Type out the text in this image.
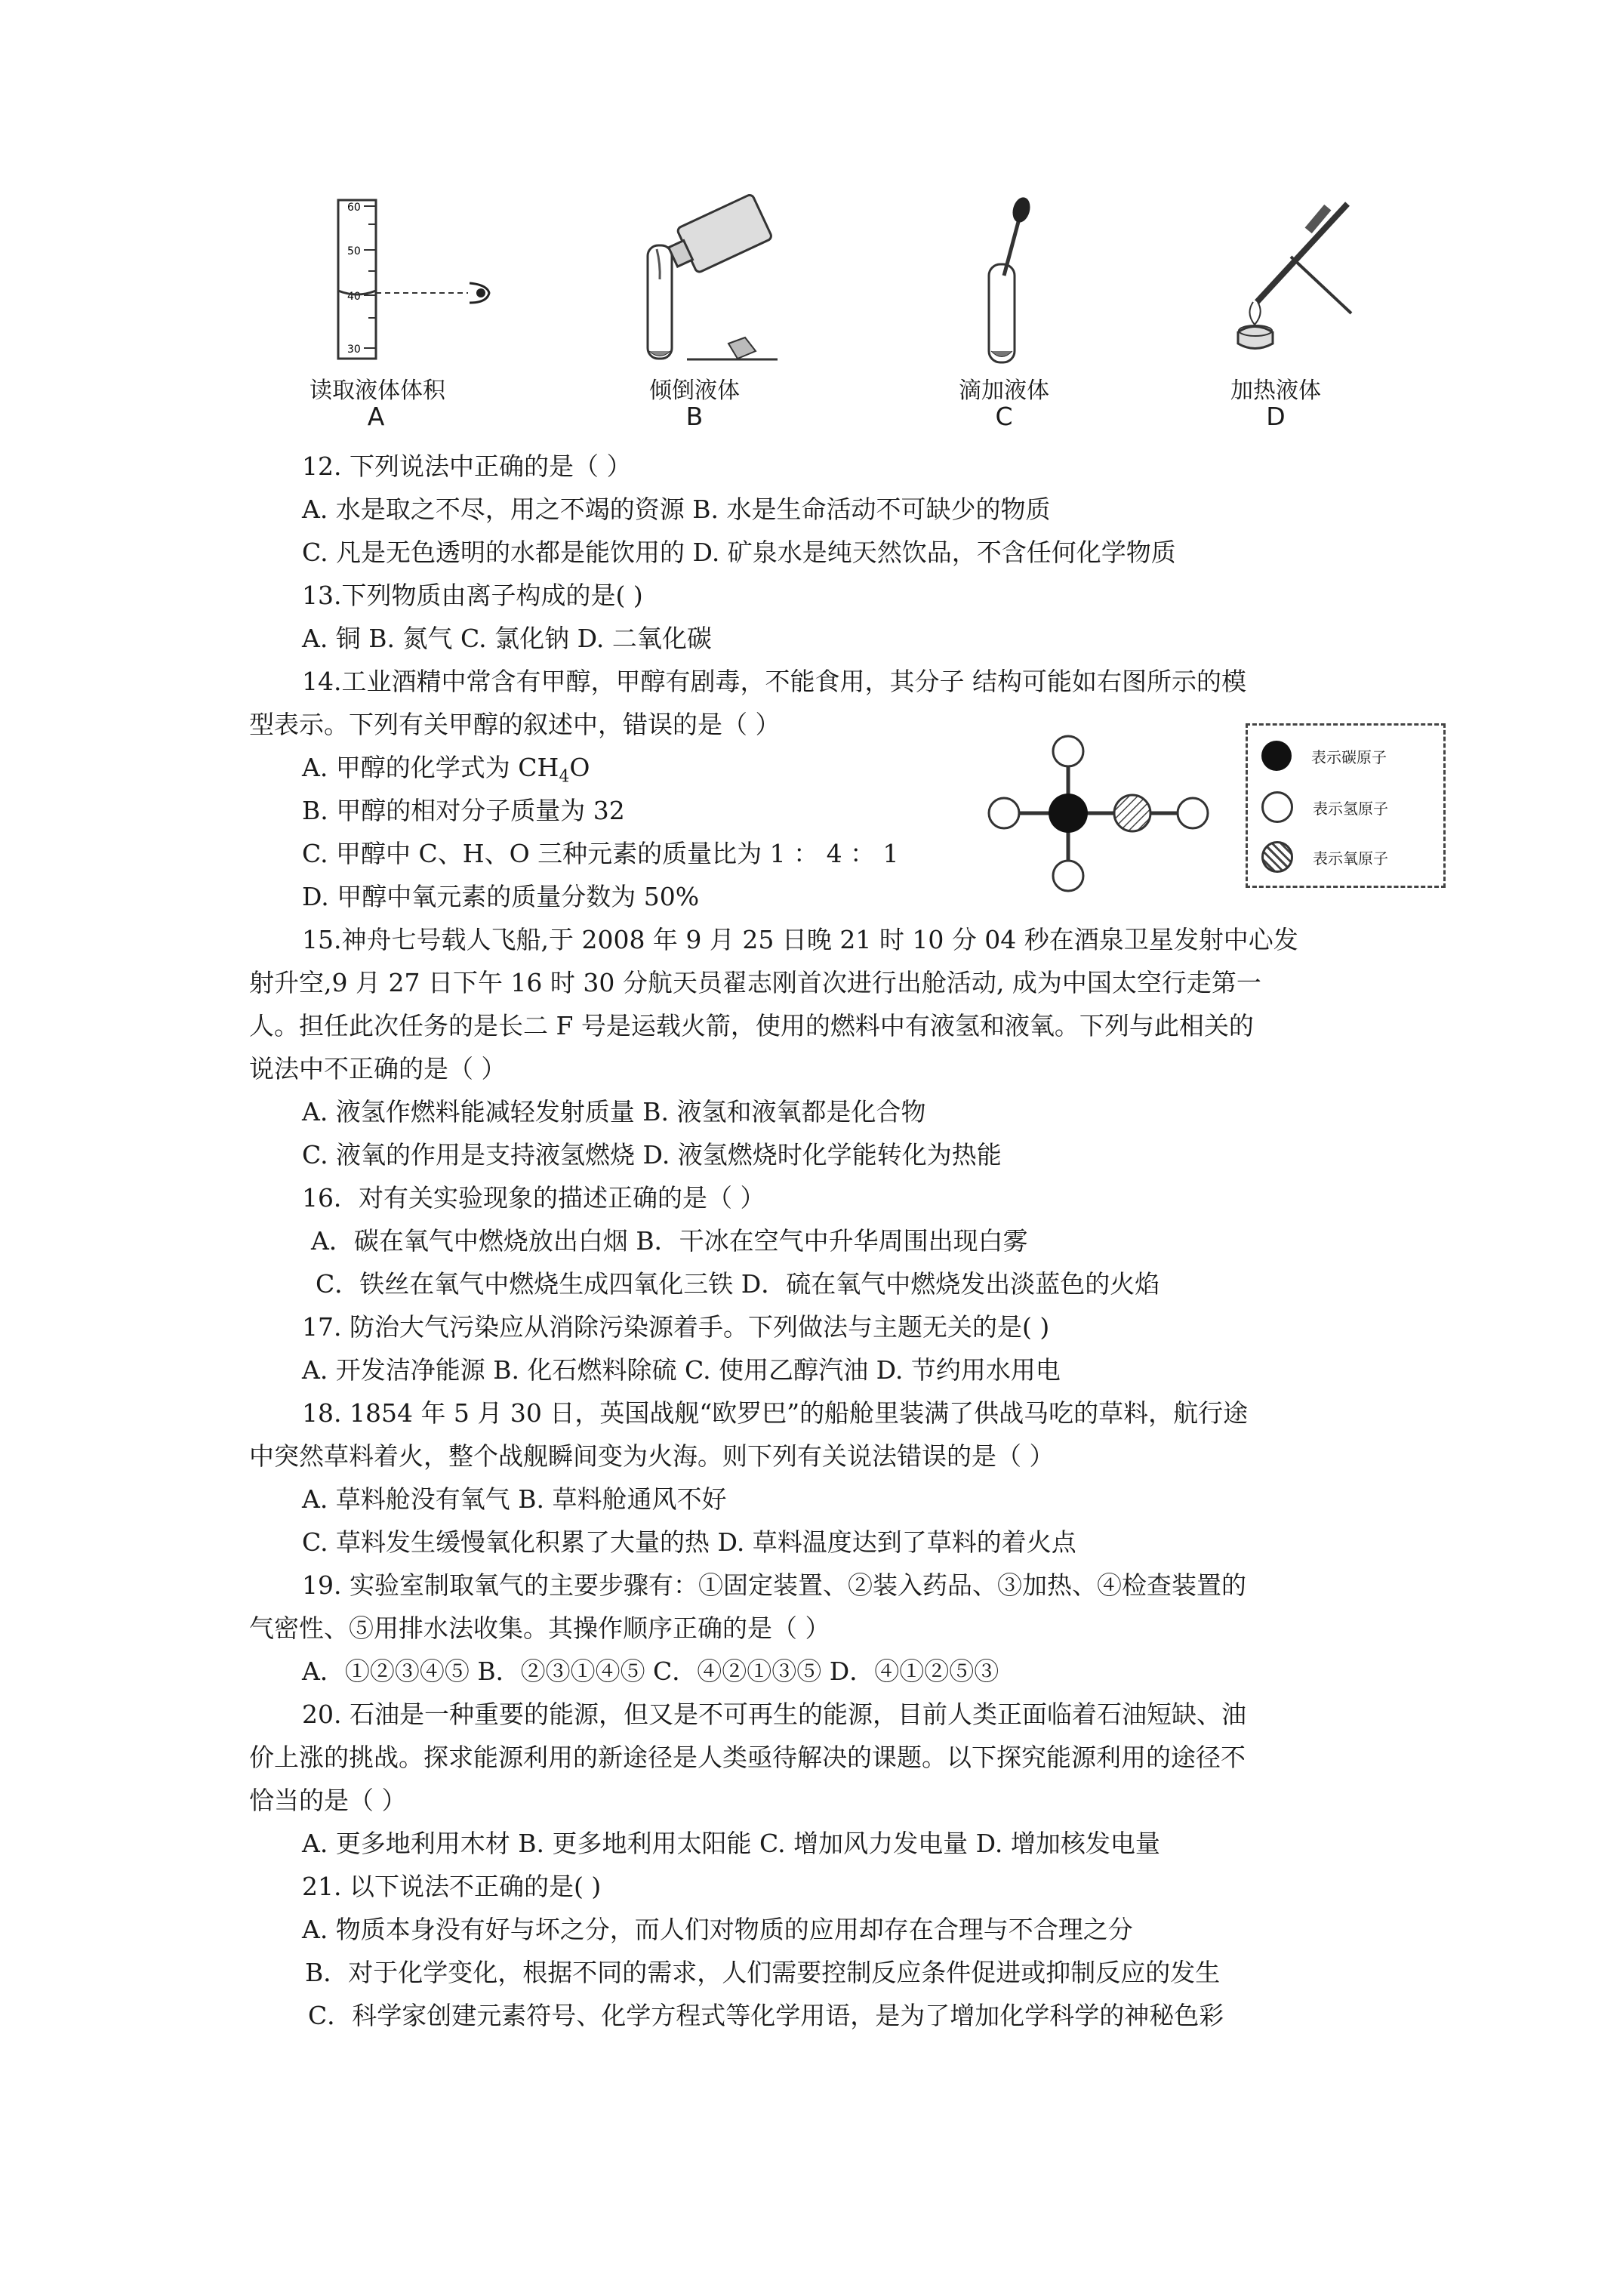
60
50
40
30
读取液体体积
A
倾倒液体
B
滴加液体
C
加热液体
D
12. 下列说法中正确的是（ ）
A. 水是取之不尽，用之不竭的资源 B. 水是生命活动不可缺少的物质
C. 凡是无色透明的水都是能饮用的 D. 矿泉水是纯天然饮品，不含任何化学物质
13.下列物质由离子构成的是( )
A. 铜 B. 氮气 C. 氯化钠 D. 二氧化碳
14.工业酒精中常含有甲醇，甲醇有剧毒，不能食用，其分子 结构可能如右图所示的模
型表示。下列有关甲醇的叙述中，错误的是（ ）
A. 甲醇的化学式为 $CH_4O$
B. 甲醇的相对分子质量为 32
C. 甲醇中 C、H、O 三种元素的质量比为 1 ： 4 ： 1
D. 甲醇中氧元素的质量分数为 50%
表示碳原子
表示氢原子
表示氧原子
15.神舟七号载人飞船,于 2008 年 9 月 25 日晚 21 时 10 分 04 秒在酒泉卫星发射中心发
射升空,9 月 27 日下午 16 时 30 分航天员翟志刚首次进行出舱活动, 成为中国太空行走第一
人。担任此次任务的是长二 F 号是运载火箭，使用的燃料中有液氢和液氧。下列与此相关的
说法中不正确的是（ ）
A. 液氢作燃料能减轻发射质量 B. 液氢和液氧都是化合物
C. 液氧的作用是支持液氢燃烧 D. 液氢燃烧时化学能转化为热能
16．对有关实验现象的描述正确的是（ ）
A．碳在氧气中燃烧放出白烟 B．干冰在空气中升华周围出现白雾
C．铁丝在氧气中燃烧生成四氧化三铁 D．硫在氧气中燃烧发出淡蓝色的火焰
17. 防治大气污染应从消除污染源着手。下列做法与主题无关的是( )
A. 开发洁净能源 B. 化石燃料除硫 C. 使用乙醇汽油 D. 节约用水用电
18. 1854 年 5 月 30 日，英国战舰“欧罗巴”的船舱里装满了供战马吃的草料，航行途
中突然草料着火，整个战舰瞬间变为火海。则下列有关说法错误的是（ ）
A. 草料舱没有氧气 B. 草料舱通风不好
C. 草料发生缓慢氧化积累了大量的热 D. 草料温度达到了草料的着火点
19. 实验室制取氧气的主要步骤有：①固定装置、②装入药品、③加热、④检查装置的
气密性、⑤用排水法收集。其操作顺序正确的是（ ）
A．①②③④⑤ B．②③①④⑤ C．④②①③⑤ D．④①②⑤③
20. 石油是一种重要的能源，但又是不可再生的能源，目前人类正面临着石油短缺、油
价上涨的挑战。探求能源利用的新途径是人类亟待解决的课题。以下探究能源利用的途径不
恰当的是（ ）
A. 更多地利用木材 B. 更多地利用太阳能 C. 增加风力发电量 D. 增加核发电量
21. 以下说法不正确的是( )
A. 物质本身没有好与坏之分，而人们对物质的应用却存在合理与不合理之分
B．对于化学变化，根据不同的需求，人们需要控制反应条件促进或抑制反应的发生
C．科学家创建元素符号、化学方程式等化学用语，是为了增加化学科学的神秘色彩
